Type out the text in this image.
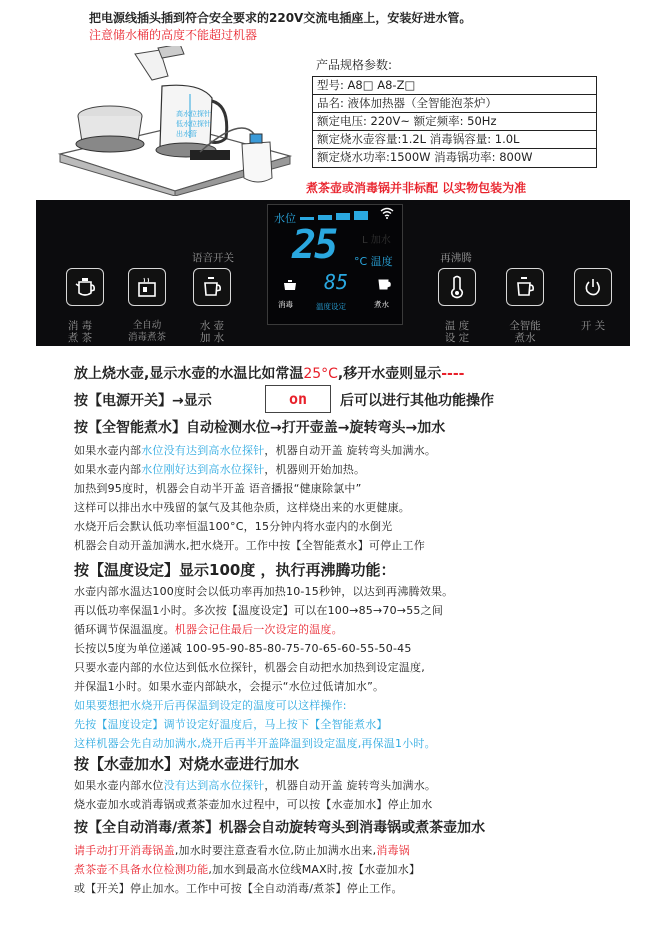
把电源线插头插到符合安全要求的220V交流电插座上，安装好进水管。
注意储水桶的高度不能超过机器
高水位探针
低水位探针
出水管
产品规格参数:
型号: A8□ A8-Z□
品名: 液体加热器（全智能泡茶炉）
额定电压: 220V~ 额定频率: 50Hz
额定烧水壶容量:1.2L 消毒锅容量: 1.0L
额定烧水功率:1500W 消毒锅功率: 800W
煮茶壶或消毒锅并非标配 以实物包装为准
语音开关
消 毒
煮 茶
全自动
消毒煮茶
水 壶
加 水
水位
25	L 加水
°C 温度
85
消毒	温度设定	煮水
再沸腾
温 度
设 定
全智能
煮水
开 关
放上烧水壶,显示水壶的水温比如常温25°C,移开水壶则显示----
按【电源开关】→显示	on 后可以进行其他功能操作
按【全智能煮水】自动检测水位→打开壶盖→旋转弯头→加水
如果水壶内部水位没有达到高水位探针，机器自动开盖 旋转弯头加满水。
如果水壶内部水位刚好达到高水位探针，机器则开始加热。
加热到95度时，机器会自动半开盖 语音播报“健康除氯中”
这样可以排出水中残留的氯气及其他杂质，这样烧出来的水更健康。
水烧开后会默认低功率恒温100°C，15分钟内将水壶内的水倒光
机器会自动开盖加满水,把水烧开。工作中按【全智能煮水】可停止工作
按【温度设定】显示100度 ，执行再沸腾功能：
水壶内部水温达100度时会以低功率再加热10-15秒钟，以达到再沸腾效果。
再以低功率保温1小时。多次按【温度设定】可以在100→85→70→55之间
循环调节保温温度。机器会记住最后一次设定的温度。
长按以5度为单位递减 100-95-90-85-80-75-70-65-60-55-50-45
只要水壶内部的水位达到低水位探针，机器会自动把水加热到设定温度,
并保温1小时。如果水壶内部缺水，会提示“水位过低请加水”。
如果要想把水烧开后再保温到设定的温度可以这样操作:
先按【温度设定】调节设定好温度后，马上按下【全智能煮水】
这样机器会先自动加满水,烧开后再半开盖降温到设定温度,再保温1小时。
按【水壶加水】对烧水壶进行加水
如果水壶内部水位没有达到高水位探针，机器自动开盖 旋转弯头加满水。
烧水壶加水或消毒锅或煮茶壶加水过程中，可以按【水壶加水】停止加水
按【全自动消毒/煮茶】机器会自动旋转弯头到消毒锅或煮茶壶加水
请手动打开消毒锅盖,加水时要注意查看水位,防止加满水出来,消毒锅
煮茶壶不具备水位检测功能,加水到最高水位线MAX时,按【水壶加水】
或【开关】停止加水。工作中可按【全自动消毒/煮茶】停止工作。
